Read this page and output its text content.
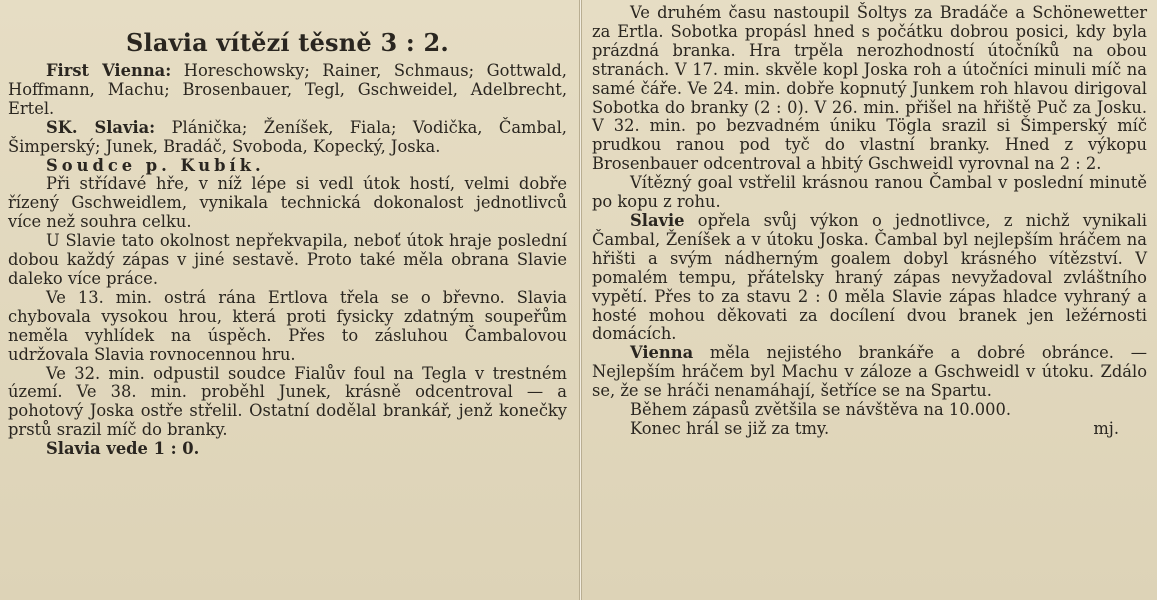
Slavia vítězí těsně 3 : 2.

First Vienna: Horeschowsky; Rainer, Schmaus; Gottwald, Hoffmann, Machu; Brosenbauer, Tegl, Gschweidel, Adelbrecht, Ertel.

SK. Slavia: Plánička; Ženíšek, Fiala; Vodička, Čambal, Šimperský; Junek, Bradáč, Svoboda, Kopecký, Joska.

Soudce p. Kubík.

Při střídavé hře, v níž lépe si vedl útok hostí, velmi dobře řízený Gschweidlem, vynikala technická dokonalost jednotlivců více než souhra celku.

U Slavie tato okolnost nepřekvapila, neboť útok hraje poslední dobou každý zápas v jiné sestavě. Proto také měla obrana Slavie daleko více práce.

Ve 13. min. ostrá rána Ertlova třela se o břevno. Slavia chybovala vysokou hrou, která proti fysicky zdatným soupeřům neměla vyhlídek na úspěch. Přes to zásluhou Čambalovou udržovala Slavia rovnocennou hru.

Ve 32. min. odpustil soudce Fialův foul na Tegla v trestném území. Ve 38. min. proběhl Junek, krásně odcentroval — a pohotový Joska ostře střelil. Ostatní dodělal brankář, jenž konečky prstů srazil míč do branky.

Slavia vede 1 : 0.

Ve druhém času nastoupil Šoltys za Bradáče a Schönewetter za Ertla. Sobotka propásl hned s počátku dobrou posici, kdy byla prázdná branka. Hra trpěla nerozhodností útočníků na obou stranách. V 17. min. skvěle kopl Joska roh a útočníci minuli míč na samé čáře. Ve 24. min. dobře kopnutý Junkem roh hlavou dirigoval Sobotka do branky (2 : 0). V 26. min. přišel na hřiště Puč za Josku. V 32. min. po bezvadném úniku Tögla srazil si Šimperský míč prudkou ranou pod tyč do vlastní branky. Hned z výkopu Brosenbauer odcentroval a hbitý Gschweidl vyrovnal na 2 : 2.

Vítězný goal vstřelil krásnou ranou Čambal v poslední minutě po kopu z rohu.

Slavie opřela svůj výkon o jednotlivce, z nichž vynikali Čambal, Ženíšek a v útoku Joska. Čambal byl nejlepším hráčem na hřišti a svým nádherným goalem dobyl krásného vítězství. V pomalém tempu, přátelsky hraný zápas nevyžadoval zvláštního vypětí. Přes to za stavu 2 : 0 měla Slavie zápas hladce vyhraný a hosté mohou děkovati za docílení dvou branek jen ležérnosti domácích.

Vienna měla nejistého brankáře a dobré obránce. — Nejlepším hráčem byl Machu v záloze a Gschweidl v útoku. Zdálo se, že se hráči nenamáhají, šetříce se na Spartu.

Během zápasů zvětšila se návštěva na 10.000.

Konec hrál se již za tmy.	mj.
